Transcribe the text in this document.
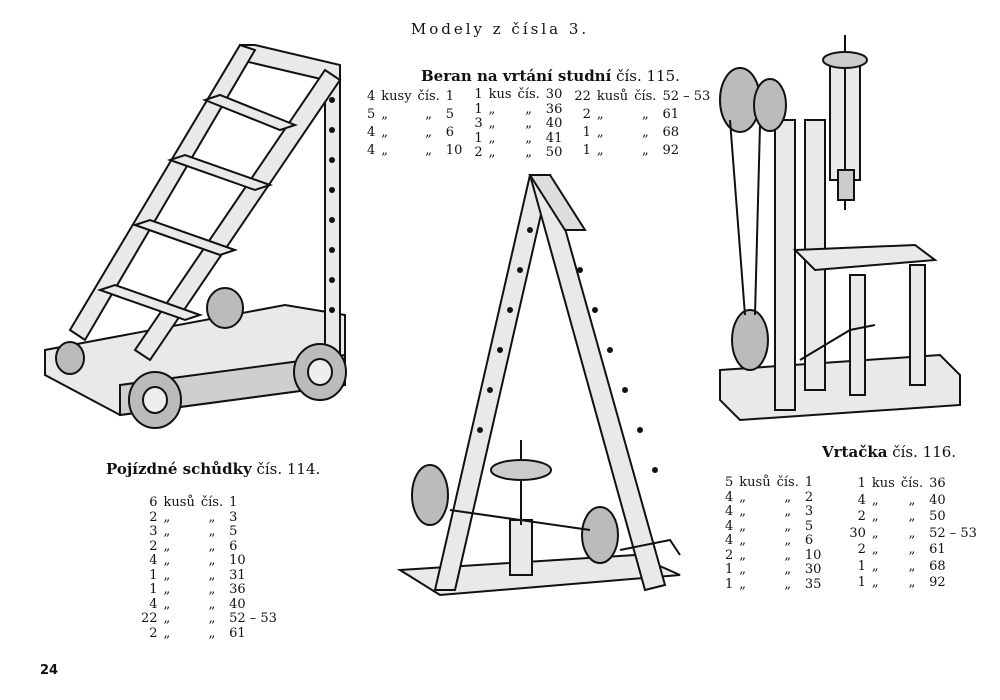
Modely z čísla 3.
Beran na vrtání studní čís. 115.
4	kusy	čís.	1
5	„	„	5
4	„	„	6
4	„	„	10
1	kus	čís.	30
1	„	„	36
3	„	„	40
1	„	„	41
2	„	„	50
22	kusů	čís.	52 – 53
2	„	„	61
1	„	„	68
1	„	„	92
Pojízdné schůdky čís. 114.
6	kusů	čís.	1
2	„	„	3
3	„	„	5
2	„	„	6
4	„	„	10
1	„	„	31
1	„	„	36
4	„	„	40
22	„	„	52 – 53
2	„	„	61
Vrtačka čís. 116.
5	kusů	čís.	1
4	„	„	2
4	„	„	3
4	„	„	5
4	„	„	6
2	„	„	10
1	„	„	30
1	„	„	35
1	kus	čís.	36
4	„	„	40
2	„	„	50
30	„	„	52 – 53
2	„	„	61
1	„	„	68
1	„	„	92
24
